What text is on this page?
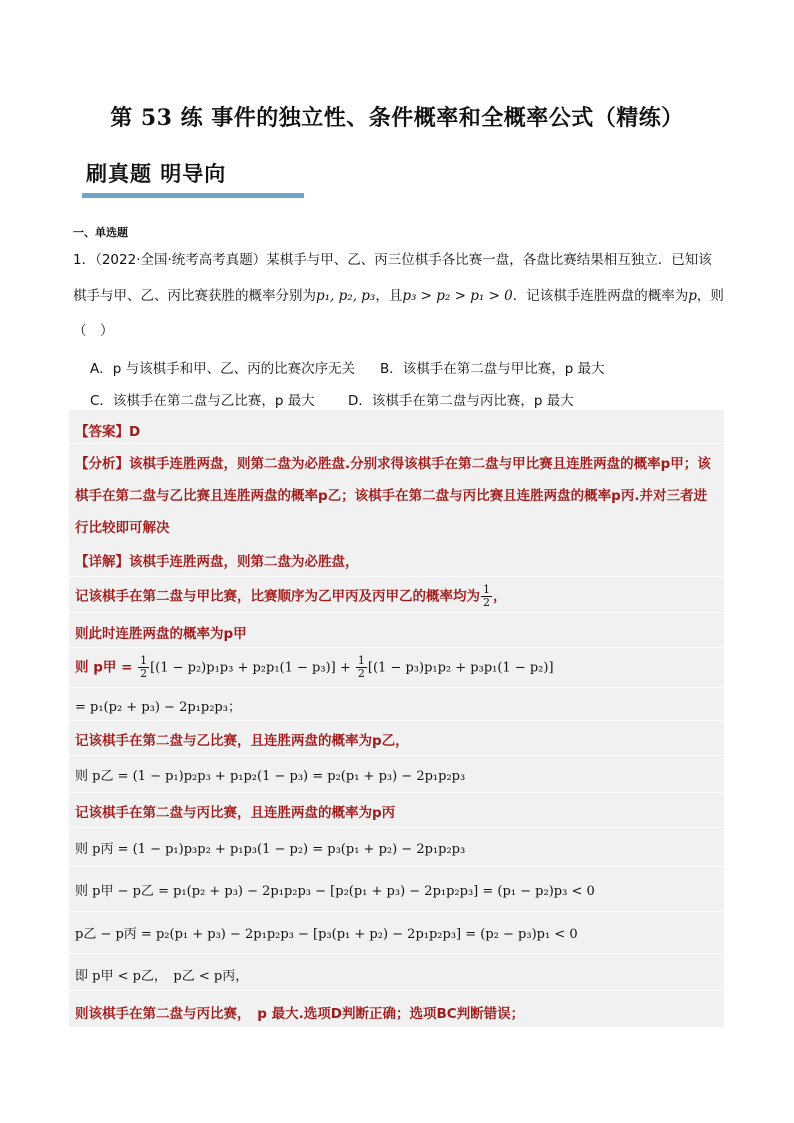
第 53 练 事件的独立性、条件概率和全概率公式（精练）
刷真题 明导向
一、单选题
1．（2022·全国·统考高考真题）某棋手与甲、乙、丙三位棋手各比赛一盘，各盘比赛结果相互独立．已知该
棋手与甲、乙、丙比赛获胜的概率分别为p₁, p₂, p₃，且p₃ > p₂ > p₁ > 0．记该棋手连胜两盘的概率为p，则
（　）
A．p 与该棋手和甲、乙、丙的比赛次序无关 B．该棋手在第二盘与甲比赛，p 最大
C．该棋手在第二盘与乙比赛，p 最大 D．该棋手在第二盘与丙比赛，p 最大
【答案】D
【分析】该棋手连胜两盘，则第二盘为必胜盘.分别求得该棋手在第二盘与甲比赛且连胜两盘的概率p甲；该
棋手在第二盘与乙比赛且连胜两盘的概率p乙；该棋手在第二盘与丙比赛且连胜两盘的概率p丙.并对三者进
行比较即可解决
【详解】该棋手连胜两盘，则第二盘为必胜盘，
记该棋手在第二盘与甲比赛，比赛顺序为乙甲丙及丙甲乙的概率均为 $\frac{1}{2}$ ，
则此时连胜两盘的概率为p甲
则 p甲 = $\frac{1}{2} [(1 - p_2)p_1p_3 + p_2p_1(1 - p_3)] + \frac{1}{2} [(1 - p_3)p_1p_2 + p_3p_1(1 - p_2)]$
= p₁(p₂ + p₃) − 2p₁p₂p₃；
记该棋手在第二盘与乙比赛，且连胜两盘的概率为p乙，
则 p乙 = (1 − p₁)p₂p₃ + p₁p₂(1 − p₃) = p₂(p₁ + p₃) − 2p₁p₂p₃
记该棋手在第二盘与丙比赛，且连胜两盘的概率为p丙
则 p丙 = (1 − p₁)p₃p₂ + p₁p₃(1 − p₂) = p₃(p₁ + p₂) − 2p₁p₂p₃
则 p甲 − p乙 = p₁(p₂ + p₃) − 2p₁p₂p₃ − [p₂(p₁ + p₃) − 2p₁p₂p₃] = (p₁ − p₂)p₃ < 0
p乙 − p丙 = p₂(p₁ + p₃) − 2p₁p₂p₃ − [p₃(p₁ + p₂) − 2p₁p₂p₃] = (p₂ − p₃)p₁ < 0
即 p甲 < p乙，　p乙 < p丙，
则该棋手在第二盘与丙比赛，　p 最大.选项D判断正确；选项BC判断错误；
